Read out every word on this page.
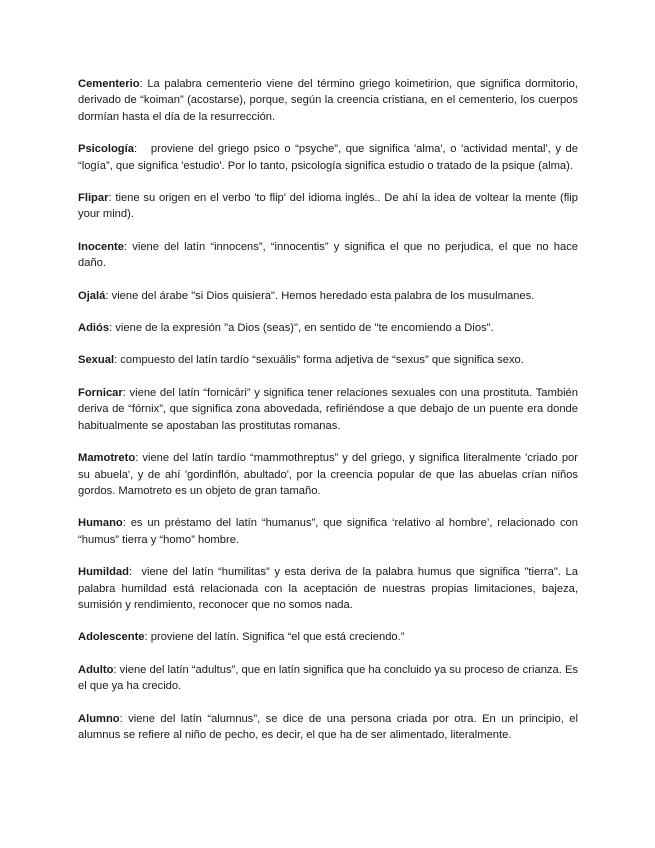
Cementerio: La palabra cementerio viene del término griego koimetirion, que significa dormitorio, derivado de “koiman” (acostarse), porque, según la creencia cristiana, en el cementerio, los cuerpos dormían hasta el día de la resurrección.

Psicología:   proviene del griego psico o “psyche”, que significa 'alma', o 'actividad mental', y de “logía”, que significa 'estudio'. Por lo tanto, psicología significa estudio o tratado de la psique (alma).

Flipar: tiene su origen en el verbo 'to flip' del idioma inglés.. De ahí la idea de voltear la mente (flip your mind).

Inocente: viene del latín “innocens”, “innocentis” y significa el que no perjudica, el que no hace daño.

Ojalá: viene del árabe "si Dios quisiera". Hemos heredado esta palabra de los musulmanes.

Adiós: viene de la expresión "a Dios (seas)", en sentido de "te encomiendo a Dios".

Sexual: compuesto del latín tardío “sexuālis” forma adjetiva de “sexus” que significa sexo.

Fornicar: viene del latín “fornicāri” y significa tener relaciones sexuales con una prostituta. También deriva de “fórnix”, que significa zona abovedada, refiriéndose a que debajo de un puente era donde habitualmente se apostaban las prostitutas romanas.

Mamotreto: viene del latín tardío “mammothreptus” y del griego, y significa literalmente 'criado por su abuela', y de ahí 'gordinflón, abultado', por la creencia popular de que las abuelas crían niños gordos. Mamotreto es un objeto de gran tamaño.

Humano: es un préstamo del latín “humanus”, que significa ‘relativo al hombre’, relacionado con “humus” tierra y “homo” hombre.

Humildad:  viene del latín “humilitas” y esta deriva de la palabra humus que significa "tierra". La palabra humildad está relacionada con la aceptación de nuestras propias limitaciones, bajeza, sumisión y rendimiento, reconocer que no somos nada.

Adolescente: proviene del latín. Significa “el que está creciendo.”

Adulto: viene del latín “adultus”, que en latín significa que ha concluido ya su proceso de crianza. Es el que ya ha crecido.

Alumno: viene del latín “alumnus”, se dice de una persona criada por otra. En un principio, el alumnus se refiere al niño de pecho, es decir, el que ha de ser alimentado, literalmente.
